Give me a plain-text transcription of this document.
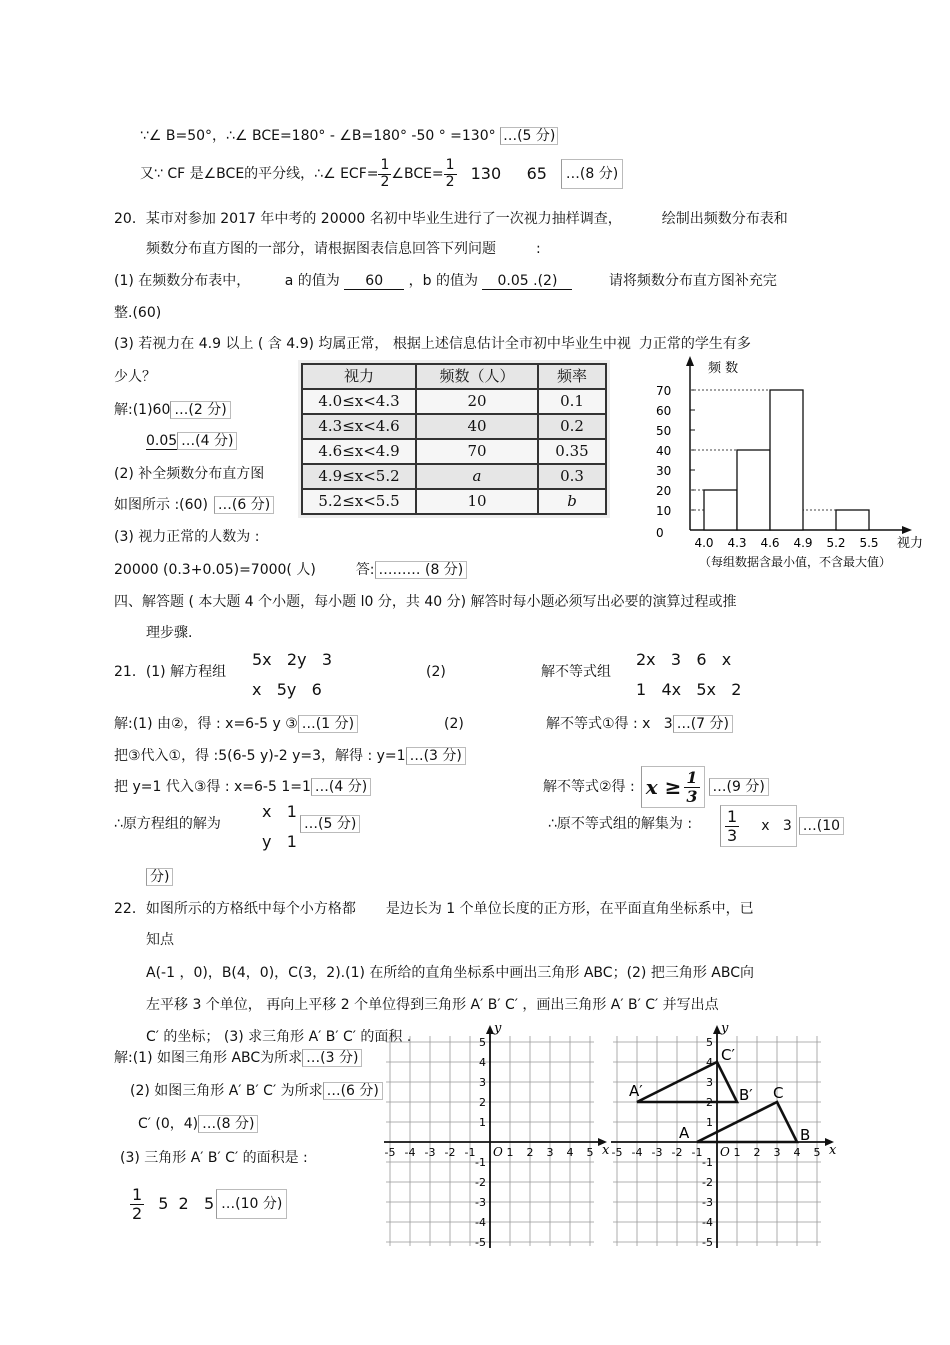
∵∠ B=50°，∴∠ BCE=180° - ∠B=180° -50 ° =130° …(5 分)
又∵ CF 是∠BCE的平分线，∴∠ $ECF= \frac{1}{2}$ ∠BCE= $\frac{1}{2} 130$     65	…(8 分)
20．某市对参加 2017 年中考的 20000 名初中毕业生进行了一次视力抽样调查，	绘制出频数分布表和
频数分布直方图的一部分，请根据图表信息回答下列问题	:
(1) 在频数分布表中， a 的值为 60 ，b 的值为 0.05 .(2)	请将频数分布直方图补充完
整.(60)
(3) 若视力在 4.9 以上 ( 含 4.9) 均属正常， 根据上述信息估计全市初中毕业生中视 力正常的学生有多
少人？
解:(1)60 …(2 分)
0.05 …(4 分)
(2) 补全频数分布直方图
如图所示 :(60) …(6 分)
(3) 视力正常的人数为 :
20000 (0.3+0.05)=7000( 人)	答: ……… (8 分)
视力	频数（人）	频率
4.0≤x<4.3	20	0.1
4.3≤x<4.6	40	0.2
4.6≤x<4.9	70	0.35
4.9≤x<5.2	a	0.3
5.2≤x<5.5	10	b
频 数
70
60
50
40
30
20
10
0
4.0 4.3 4.6 4.9 5.2 5.5 视力
（每组数据含最小值，不含最大值）
四、解答题 ( 本大题 4 个小题，每小题 l0 分，共 40 分) 解答时每小题必须写出必要的演算过程或推
理步骤.
21．(1) 解方程组
5x   2y   3
x   5y   6
(2)	解不等式组
2x   3   6   x
1   4x   5x   2
解:(1) 由②，得 : x=6-5 y ③ …(1 分)	(2)	解不等式①得 : x   3 …(7 分)
把③代入①，得 :5(6-5 y)-2 y=3，解得 : y=1 …(3 分)
把 y=1 代入③得 : x=6-5 1=1 …(4 分)	解不等式②得 : $x \ge \frac{1}{3}$ …(9 分)
∴原方程组的解为
x   1
y   1
…(5 分)	∴原不等式组的解集为 : $\frac{1}{3}$ x   3 …(10
分)
22．如图所示的方格纸中每个小方格都 是边长为 1 个单位长度的正方形，在平面直角坐标系中，已
知点
A(-1 ，0)，B(4，0)，C(3，2).(1) 在所给的直角坐标系中画出三角形 ABC；(2) 把三角形 ABC向
左平移 3 个单位， 再向上平移 2 个单位得到三角形 A′ B′ C′ ，画出三角形 A′ B′ C′ 并写出点
C′ 的坐标； (3) 求三角形 A′ B′ C′ 的面积 .
解:(1) 如图三角形 ABC为所求 …(3 分)
(2) 如图三角形 A′ B′ C′ 为所求 …(6 分)
C′ (0，4) …(8 分)
(3) 三角形 A′ B′ C′ 的面积是 :
$\frac{1}{2} 5$  2   5 …(10 分)
x
y
O
-5 -4 -3 -2 -1	1 2 3 4 5
5
4
3
2
1
-1
-2
-3
-4
-5
x
y
O
-5 -4 -3 -2 -1	1 2 3 4 5
5
4
3
2
1
-1
-2
-3
-4
-5
A	B
C
A′	B′
C′
